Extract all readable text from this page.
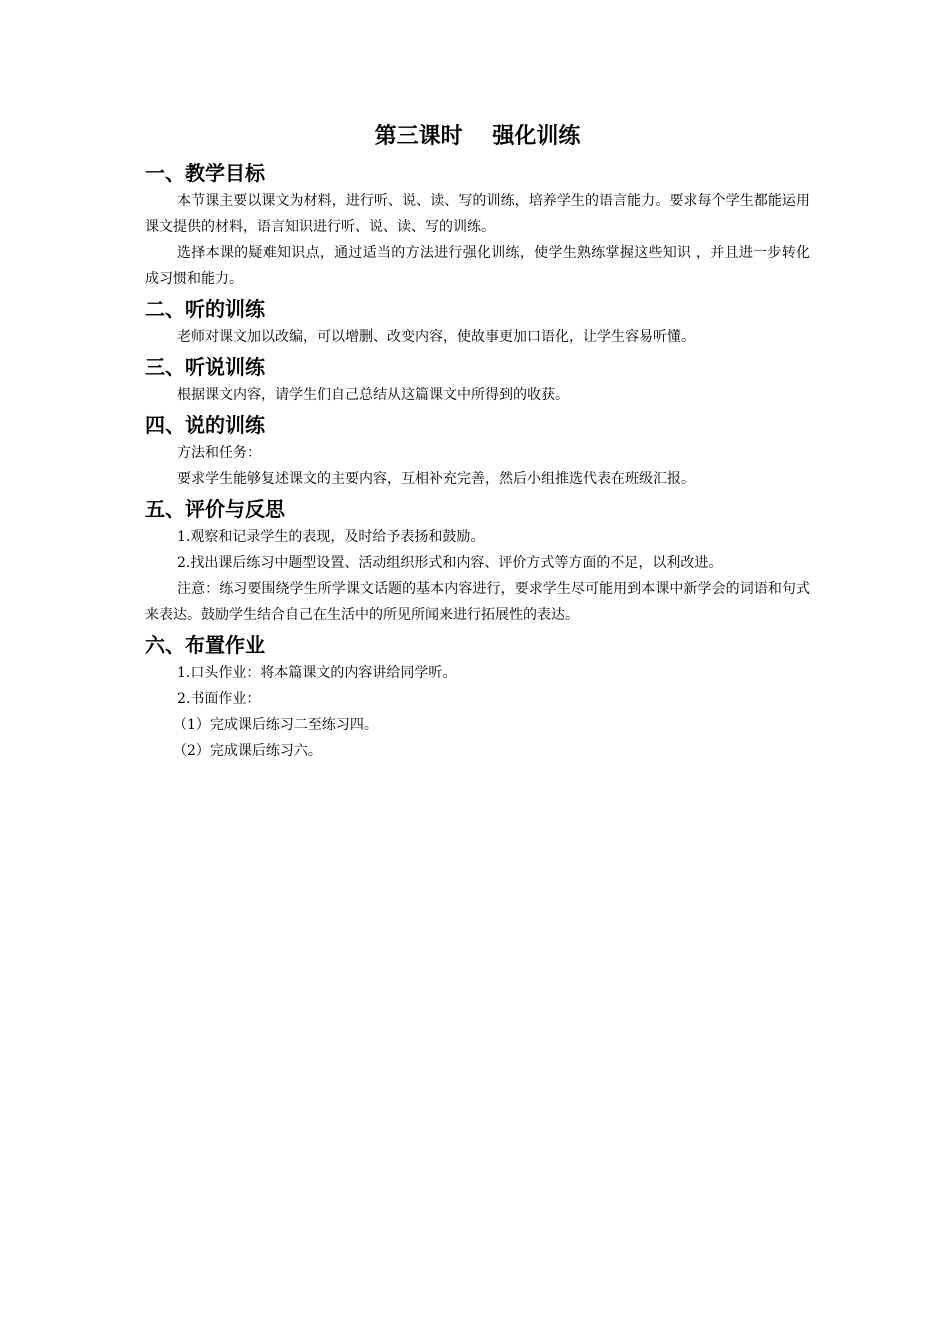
第三课时　 强化训练
一、教学目标

本节课主要以课文为材料，进行听、说、读、写的训练，培养学生的语言能力。要求每个学生都能运用课文提供的材料，语言知识进行听、说、读、写的训练。

选择本课的疑难知识点，通过适当的方法进行强化训练，使学生熟练掌握这些知识 ，并且进一步转化成习惯和能力。

二、听的训练

老师对课文加以改编，可以增删、改变内容，使故事更加口语化，让学生容易听懂。

三、听说训练

根据课文内容，请学生们自己总结从这篇课文中所得到的收获。

四、说的训练

方法和任务：

要求学生能够复述课文的主要内容，互相补充完善，然后小组推选代表在班级汇报。

五、评价与反思

1.观察和记录学生的表现，及时给予表扬和鼓励。

2.找出课后练习中题型设置、活动组织形式和内容、评价方式等方面的不足，以利改进。

注意：练习要围绕学生所学课文话题的基本内容进行，要求学生尽可能用到本课中新学会的词语和句式来表达。鼓励学生结合自己在生活中的所见所闻来进行拓展性的表达。

六、布置作业

1.口头作业：将本篇课文的内容讲给同学听。

2.书面作业：

（1）完成课后练习二至练习四。

（2）完成课后练习六。
